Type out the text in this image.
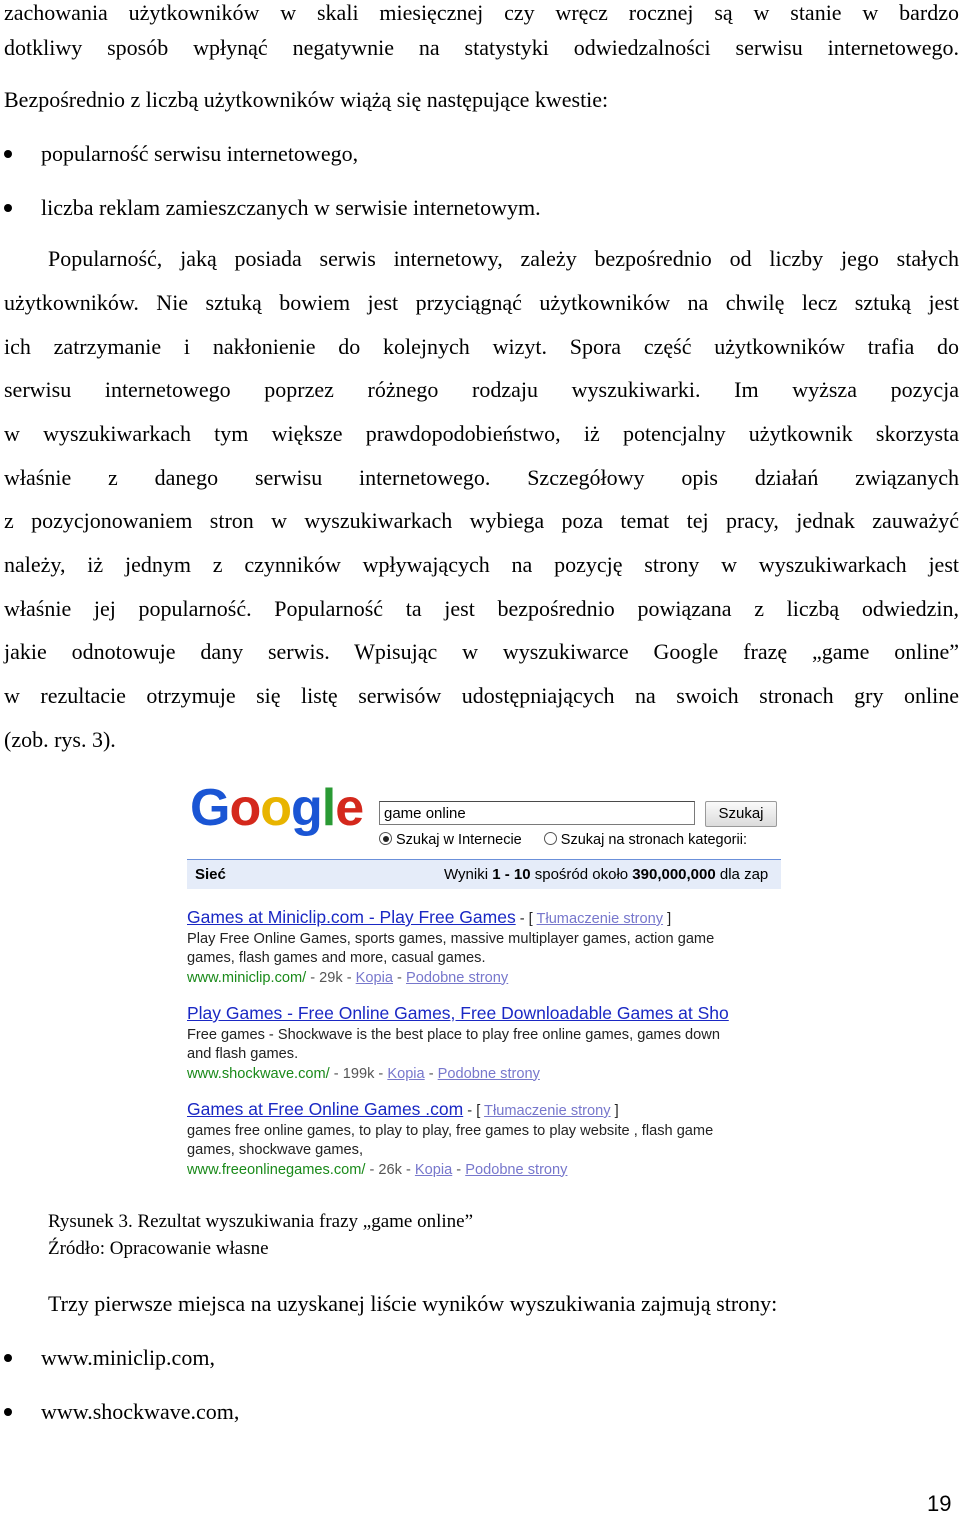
zachowania użytkowników w skali miesięcznej czy wręcz rocznej są w stanie w bardzo
dotkliwy sposób wpłynąć negatywnie na statystyki odwiedzalności serwisu internetowego.
Bezpośrednio z liczbą użytkowników wiążą się następujące kwestie:
popularność serwisu internetowego,
liczba reklam zamieszczanych w serwisie internetowym.
Popularność, jaką posiada serwis internetowy, zależy bezpośrednio od liczby jego stałych
użytkowników. Nie sztuką bowiem jest przyciągnąć użytkowników na chwilę lecz sztuką jest
ich zatrzymanie i nakłonienie do kolejnych wizyt. Spora część użytkowników trafia do
serwisu internetowego poprzez różnego rodzaju wyszukiwarki. Im wyższa pozycja
w wyszukiwarkach tym większe prawdopodobieństwo, iż potencjalny użytkownik skorzysta
właśnie z danego serwisu internetowego. Szczegółowy opis działań związanych
z pozycjonowaniem stron w wyszukiwarkach wybiega poza temat tej pracy, jednak zauważyć
należy, iż jednym z czynników wpływających na pozycję strony w wyszukiwarkach jest
właśnie jej popularność. Popularność ta jest bezpośrednio powiązana z liczbą odwiedzin,
jakie odnotowuje dany serwis. Wpisując w wyszukiwarce Google frazę „game online”
w rezultacie otrzymuje się listę serwisów udostępniających na swoich stronach gry online
(zob. rys. 3).
Google	game online	Szukaj
Szukaj w Internecie	Szukaj na stronach kategorii:
Sieć	Wyniki 1 - 10 spośród około 390,000,000 dla zap
Games at Miniclip.com - Play Free Games - [ Tłumaczenie strony ]
Play Free Online Games, sports games, massive multiplayer games, action game
games, flash games and more, casual games.
www.miniclip.com/ - 29k - Kopia - Podobne strony
Play Games - Free Online Games, Free Downloadable Games at Sho
Free games - Shockwave is the best place to play free online games, games down
and flash games.
www.shockwave.com/ - 199k - Kopia - Podobne strony
Games at Free Online Games .com - [ Tłumaczenie strony ]
games free online games, to play to play, free games to play website , flash game
games, shockwave games,
www.freeonlinegames.com/ - 26k - Kopia - Podobne strony
Rysunek 3. Rezultat wyszukiwania frazy „game online”
Źródło: Opracowanie własne
Trzy pierwsze miejsca na uzyskanej liście wyników wyszukiwania zajmują strony:
www.miniclip.com,
www.shockwave.com,
19
